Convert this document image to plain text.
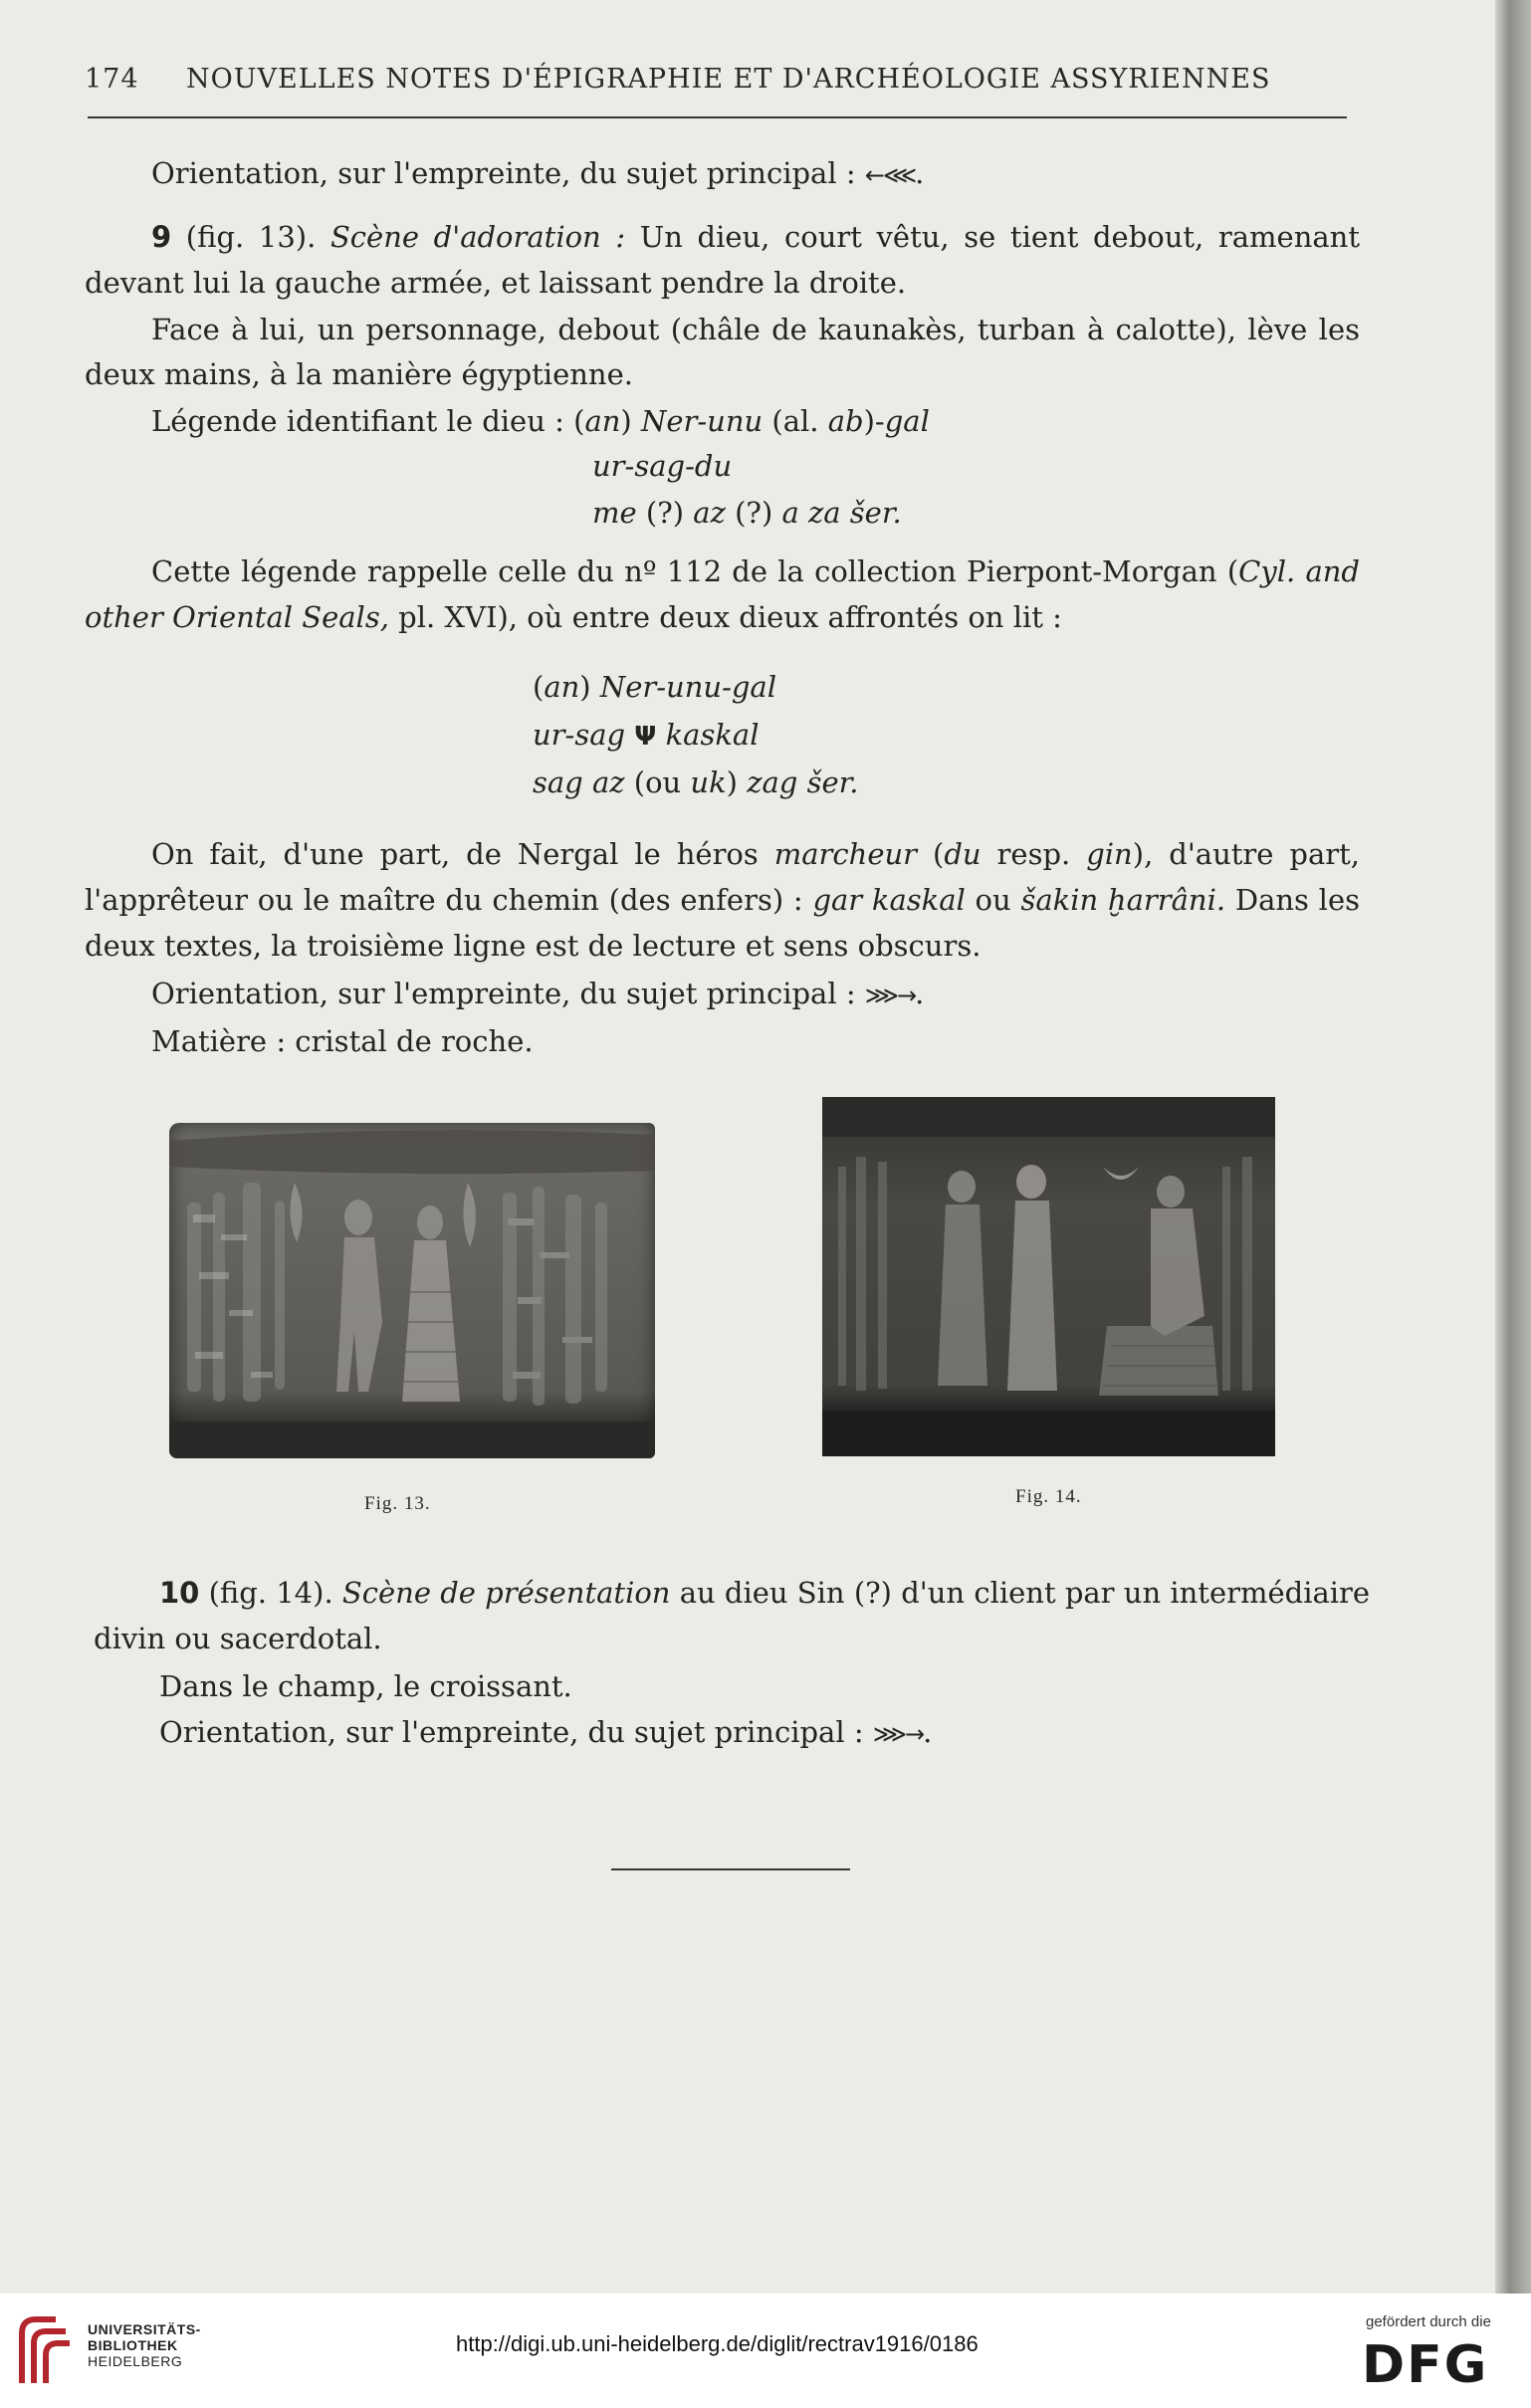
174 NOUVELLES NOTES D'ÉPIGRAPHIE ET D'ARCHÉOLOGIE ASSYRIENNES
Orientation, sur l'empreinte, du sujet principal : ←⋘.
9 (fig. 13). Scène d'adoration : Un dieu, court vêtu, se tient debout, ramenant
devant lui la gauche armée, et laissant pendre la droite.
Face à lui, un personnage, debout (châle de kaunakès, turban à calotte), lève les
deux mains, à la manière égyptienne.
Légende identifiant le dieu : (an) Ner-unu (al. ab)-gal
ur-sag-du
me (?) az (?) a za šer.
Cette légende rappelle celle du nº 112 de la collection Pierpont-Morgan (Cyl. and
other Oriental Seals, pl. XVI), où entre deux dieux affrontés on lit :
(an) Ner-unu-gal
ur-sag Ψ kaskal
sag az (ou uk) zag šer.
On fait, d'une part, de Nergal le héros marcheur (du resp. gin), d'autre part,
l'apprêteur ou le maître du chemin (des enfers) : gar kaskal ou šakin ḫarrâni. Dans les
deux textes, la troisième ligne est de lecture et sens obscurs.
Orientation, sur l'empreinte, du sujet principal : ⋙→.
Matière : cristal de roche.
Fig. 13.	Fig. 14.
10 (fig. 14). Scène de présentation au dieu Sin (?) d'un client par un intermédiaire
divin ou sacerdotal.
Dans le champ, le croissant.
Orientation, sur l'empreinte, du sujet principal : ⋙→.
UNIVERSITÄTS-
BIBLIOTHEK
HEIDELBERG
http://digi.ub.uni-heidelberg.de/diglit/rectrav1916/0186
gefördert durch die
DFG
